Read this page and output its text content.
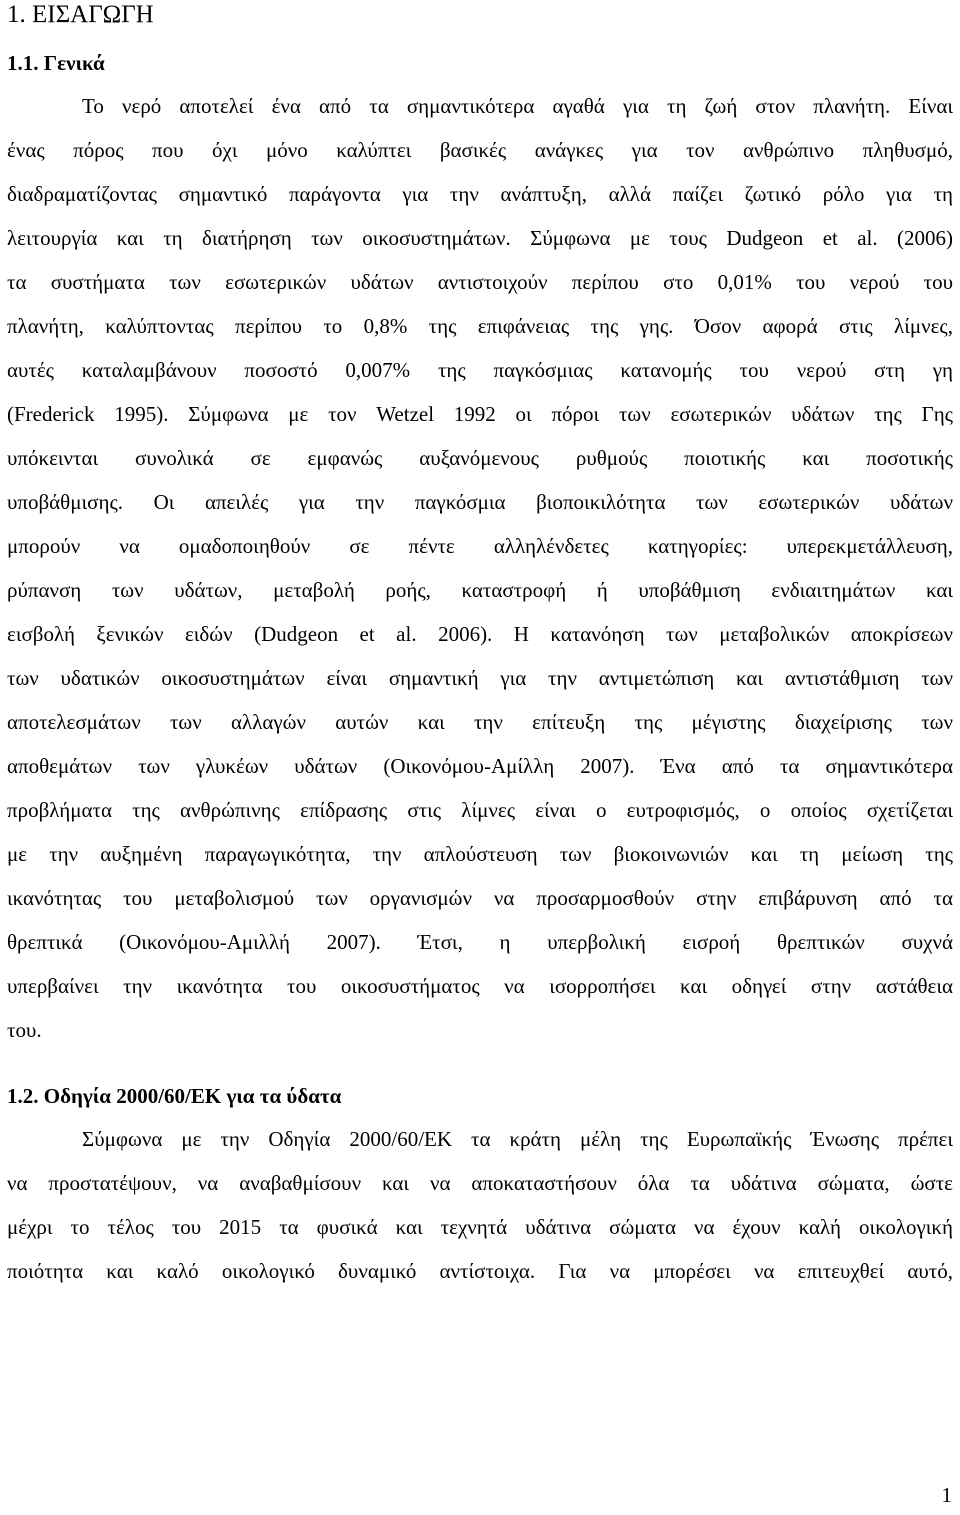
1. ΕΙΣΑΓΩΓΗ
1.1. Γενικά
Το νερό αποτελεί ένα από τα σημαντικότερα αγαθά για τη ζωή στον πλανήτη. Είναι
ένας πόρος που όχι μόνο καλύπτει βασικές ανάγκες για τον ανθρώπινο πληθυσμό,
διαδραματίζοντας σημαντικό παράγοντα για την ανάπτυξη, αλλά παίζει ζωτικό ρόλο για τη
λειτουργία και τη διατήρηση των οικοσυστημάτων. Σύμφωνα με τους Dudgeon et al. (2006)
τα συστήματα των εσωτερικών υδάτων αντιστοιχούν περίπου στο 0,01% του νερού του
πλανήτη, καλύπτοντας περίπου το 0,8% της επιφάνειας της γης. Όσον αφορά στις λίμνες,
αυτές καταλαμβάνουν ποσοστό 0,007% της παγκόσμιας κατανομής του νερού στη γη
(Frederick 1995). Σύμφωνα με τον Wetzel 1992 οι πόροι των εσωτερικών υδάτων της Γης
υπόκεινται συνολικά σε εμφανώς αυξανόμενους ρυθμούς ποιοτικής και ποσοτικής
υποβάθμισης. Οι απειλές για την παγκόσμια βιοποικιλότητα των εσωτερικών υδάτων
μπορούν να ομαδοποιηθούν σε πέντε αλληλένδετες κατηγορίες: υπερεκμετάλλευση,
ρύπανση των υδάτων, μεταβολή ροής, καταστροφή ή υποβάθμιση ενδιαιτημάτων και
εισβολή ξενικών ειδών (Dudgeon et al. 2006). Η κατανόηση των μεταβολικών αποκρίσεων
των υδατικών οικοσυστημάτων είναι σημαντική για την αντιμετώπιση και αντιστάθμιση των
αποτελεσμάτων των αλλαγών αυτών και την επίτευξη της μέγιστης διαχείρισης των
αποθεμάτων των γλυκέων υδάτων (Οικονόμου-Αμίλλη 2007). Ένα από τα σημαντικότερα
προβλήματα της ανθρώπινης επίδρασης στις λίμνες είναι ο ευτροφισμός, ο οποίος σχετίζεται
με την αυξημένη παραγωγικότητα, την απλούστευση των βιοκοινωνιών και τη μείωση της
ικανότητας του μεταβολισμού των οργανισμών να προσαρμοσθούν στην επιβάρυνση από τα
θρεπτικά (Οικονόμου-Αμιλλή 2007). Έτσι, η υπερβολική εισροή θρεπτικών συχνά
υπερβαίνει την ικανότητα του οικοσυστήματος να ισορροπήσει και οδηγεί στην αστάθεια
του.
1.2. Οδηγία 2000/60/ΕΚ για τα ύδατα
Σύμφωνα με την Οδηγία 2000/60/ΕΚ τα κράτη μέλη της Ευρωπαϊκής Ένωσης πρέπει
να προστατέψουν, να αναβαθμίσουν και να αποκαταστήσουν όλα τα υδάτινα σώματα, ώστε
μέχρι το τέλος του 2015 τα φυσικά και τεχνητά υδάτινα σώματα να έχουν καλή οικολογική
ποιότητα και καλό οικολογικό δυναμικό αντίστοιχα. Για να μπορέσει να επιτευχθεί αυτό,
1
